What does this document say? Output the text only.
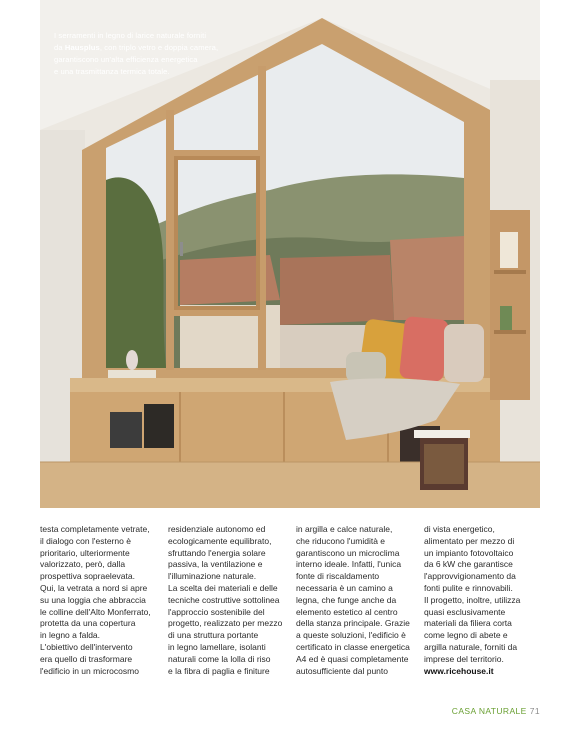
I serramenti in legno di larice naturale forniti
da Hausplus, con triplo vetro e doppia camera,
garantiscono un'alta efficienza energetica
e una trasmittanza termica totale.
testa completamente vetrate,
il dialogo con l'esterno è
prioritario, ulteriormente
valorizzato, però, dalla
prospettiva sopraelevata.
Qui, la vetrata a nord si apre
su una loggia che abbraccia
le colline dell'Alto Monferrato,
protetta da una copertura
in legno a falda.
L'obiettivo dell'intervento
era quello di trasformare
l'edificio in un microcosmo
residenziale autonomo ed
ecologicamente equilibrato,
sfruttando l'energia solare
passiva, la ventilazione e
l'illuminazione naturale.
La scelta dei materiali e delle
tecniche costruttive sottolinea
l'approccio sostenibile del
progetto, realizzato per mezzo
di una struttura portante
in legno lamellare, isolanti
naturali come la lolla di riso
e la fibra di paglia e finiture
in argilla e calce naturale,
che riducono l'umidità e
garantiscono un microclima
interno ideale. Infatti, l'unica
fonte di riscaldamento
necessaria è un camino a
legna, che funge anche da
elemento estetico al centro
della stanza principale. Grazie
a queste soluzioni, l'edificio è
certificato in classe energetica
A4 ed è quasi completamente
autosufficiente dal punto
di vista energetico,
alimentato per mezzo di
un impianto fotovoltaico
da 6 kW che garantisce
l'approvvigionamento da
fonti pulite e rinnovabili.
Il progetto, inoltre, utilizza
quasi esclusivamente
materiali da filiera corta
come legno di abete e
argilla naturale, forniti da
imprese del territorio.
www.ricehouse.it
CASA NATURALE 71
